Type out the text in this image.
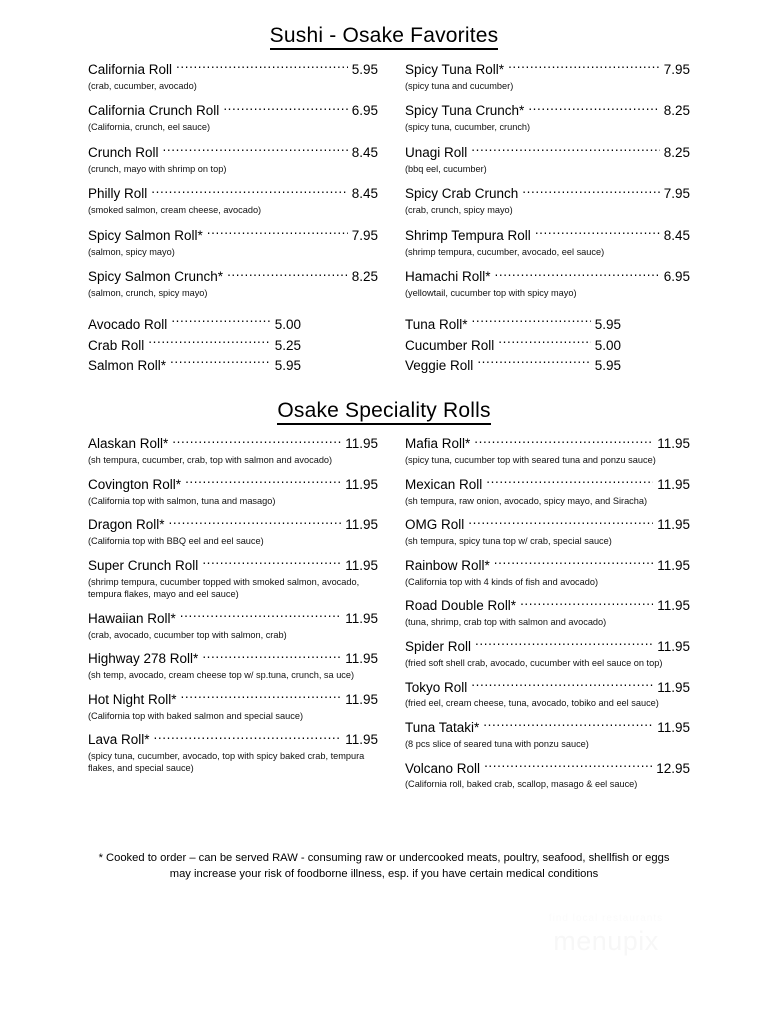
Sushi - Osake Favorites
California Roll .....	5.95
(crab, cucumber, avocado)
California Crunch Roll .....	6.95
(California, crunch, eel sauce)
Crunch Roll .....	8.45
(crunch, mayo with shrimp on top)
Philly Roll .....	8.45
(smoked salmon, cream cheese, avocado)
Spicy Salmon Roll* .....	7.95
(salmon, spicy mayo)
Spicy Salmon Crunch* .....	8.25
(salmon, crunch, spicy mayo)
Avocado Roll .....	5.00
Crab Roll .....	5.25
Salmon Roll* .....	5.95
Spicy Tuna Roll* .....	7.95
(spicy tuna and cucumber)
Spicy Tuna Crunch* .....	8.25
(spicy tuna, cucumber, crunch)
Unagi Roll .....	8.25
(bbq eel, cucumber)
Spicy Crab Crunch .....	7.95
(crab, crunch, spicy mayo)
Shrimp Tempura Roll .....	8.45
(shrimp tempura, cucumber, avocado, eel sauce)
Hamachi Roll* .....	6.95
(yellowtail, cucumber top with spicy mayo)
Tuna Roll* .....	5.95
Cucumber Roll .....	5.00
Veggie Roll .....	5.95
Osake Speciality Rolls
Alaskan Roll* .....	11.95
(sh tempura, cucumber, crab, top with salmon and avocado)
Covington Roll* .....	11.95
(California top with salmon, tuna and masago)
Dragon Roll* .....	11.95
(California top with BBQ eel and eel sauce)
Super Crunch Roll .....	11.95
(shrimp tempura, cucumber topped with smoked salmon, avocado, tempura flakes, mayo and eel sauce)
Hawaiian Roll* .....	11.95
(crab, avocado, cucumber top with salmon, crab)
Highway 278 Roll* .....	11.95
(sh temp, avocado, cream cheese top w/ sp.tuna, crunch, sa uce)
Hot Night Roll* .....	11.95
(California top with baked salmon and special sauce)
Lava Roll* .....	11.95
(spicy tuna, cucumber, avocado, top with spicy baked crab, tempura flakes, and special sauce)
Mafia Roll* .....	11.95
(spicy tuna, cucumber top with seared tuna and ponzu sauce)
Mexican Roll .....	11.95
(sh tempura, raw onion, avocado, spicy mayo, and Siracha)
OMG Roll .....	11.95
(sh tempura, spicy tuna top w/ crab, special sauce)
Rainbow Roll* .....	11.95
(California top with 4 kinds of fish and avocado)
Road Double Roll* .....	11.95
(tuna, shrimp, crab top with salmon and avocado)
Spider Roll .....	11.95
(fried soft shell crab, avocado, cucumber with eel sauce on top)
Tokyo Roll .....	11.95
(fried eel, cream cheese, tuna, avocado, tobiko and eel sauce)
Tuna Tataki* .....	11.95
(8 pcs slice of seared tuna with ponzu sauce)
Volcano Roll .....	12.95
(California roll, baked crab, scallop, masago & eel sauce)
* Cooked to order – can be served RAW - consuming raw or undercooked meats, poultry, seafood, shellfish or eggs
may increase your risk of foodborne illness, esp. if you have certain medical conditions
find local restaurants
menupix
